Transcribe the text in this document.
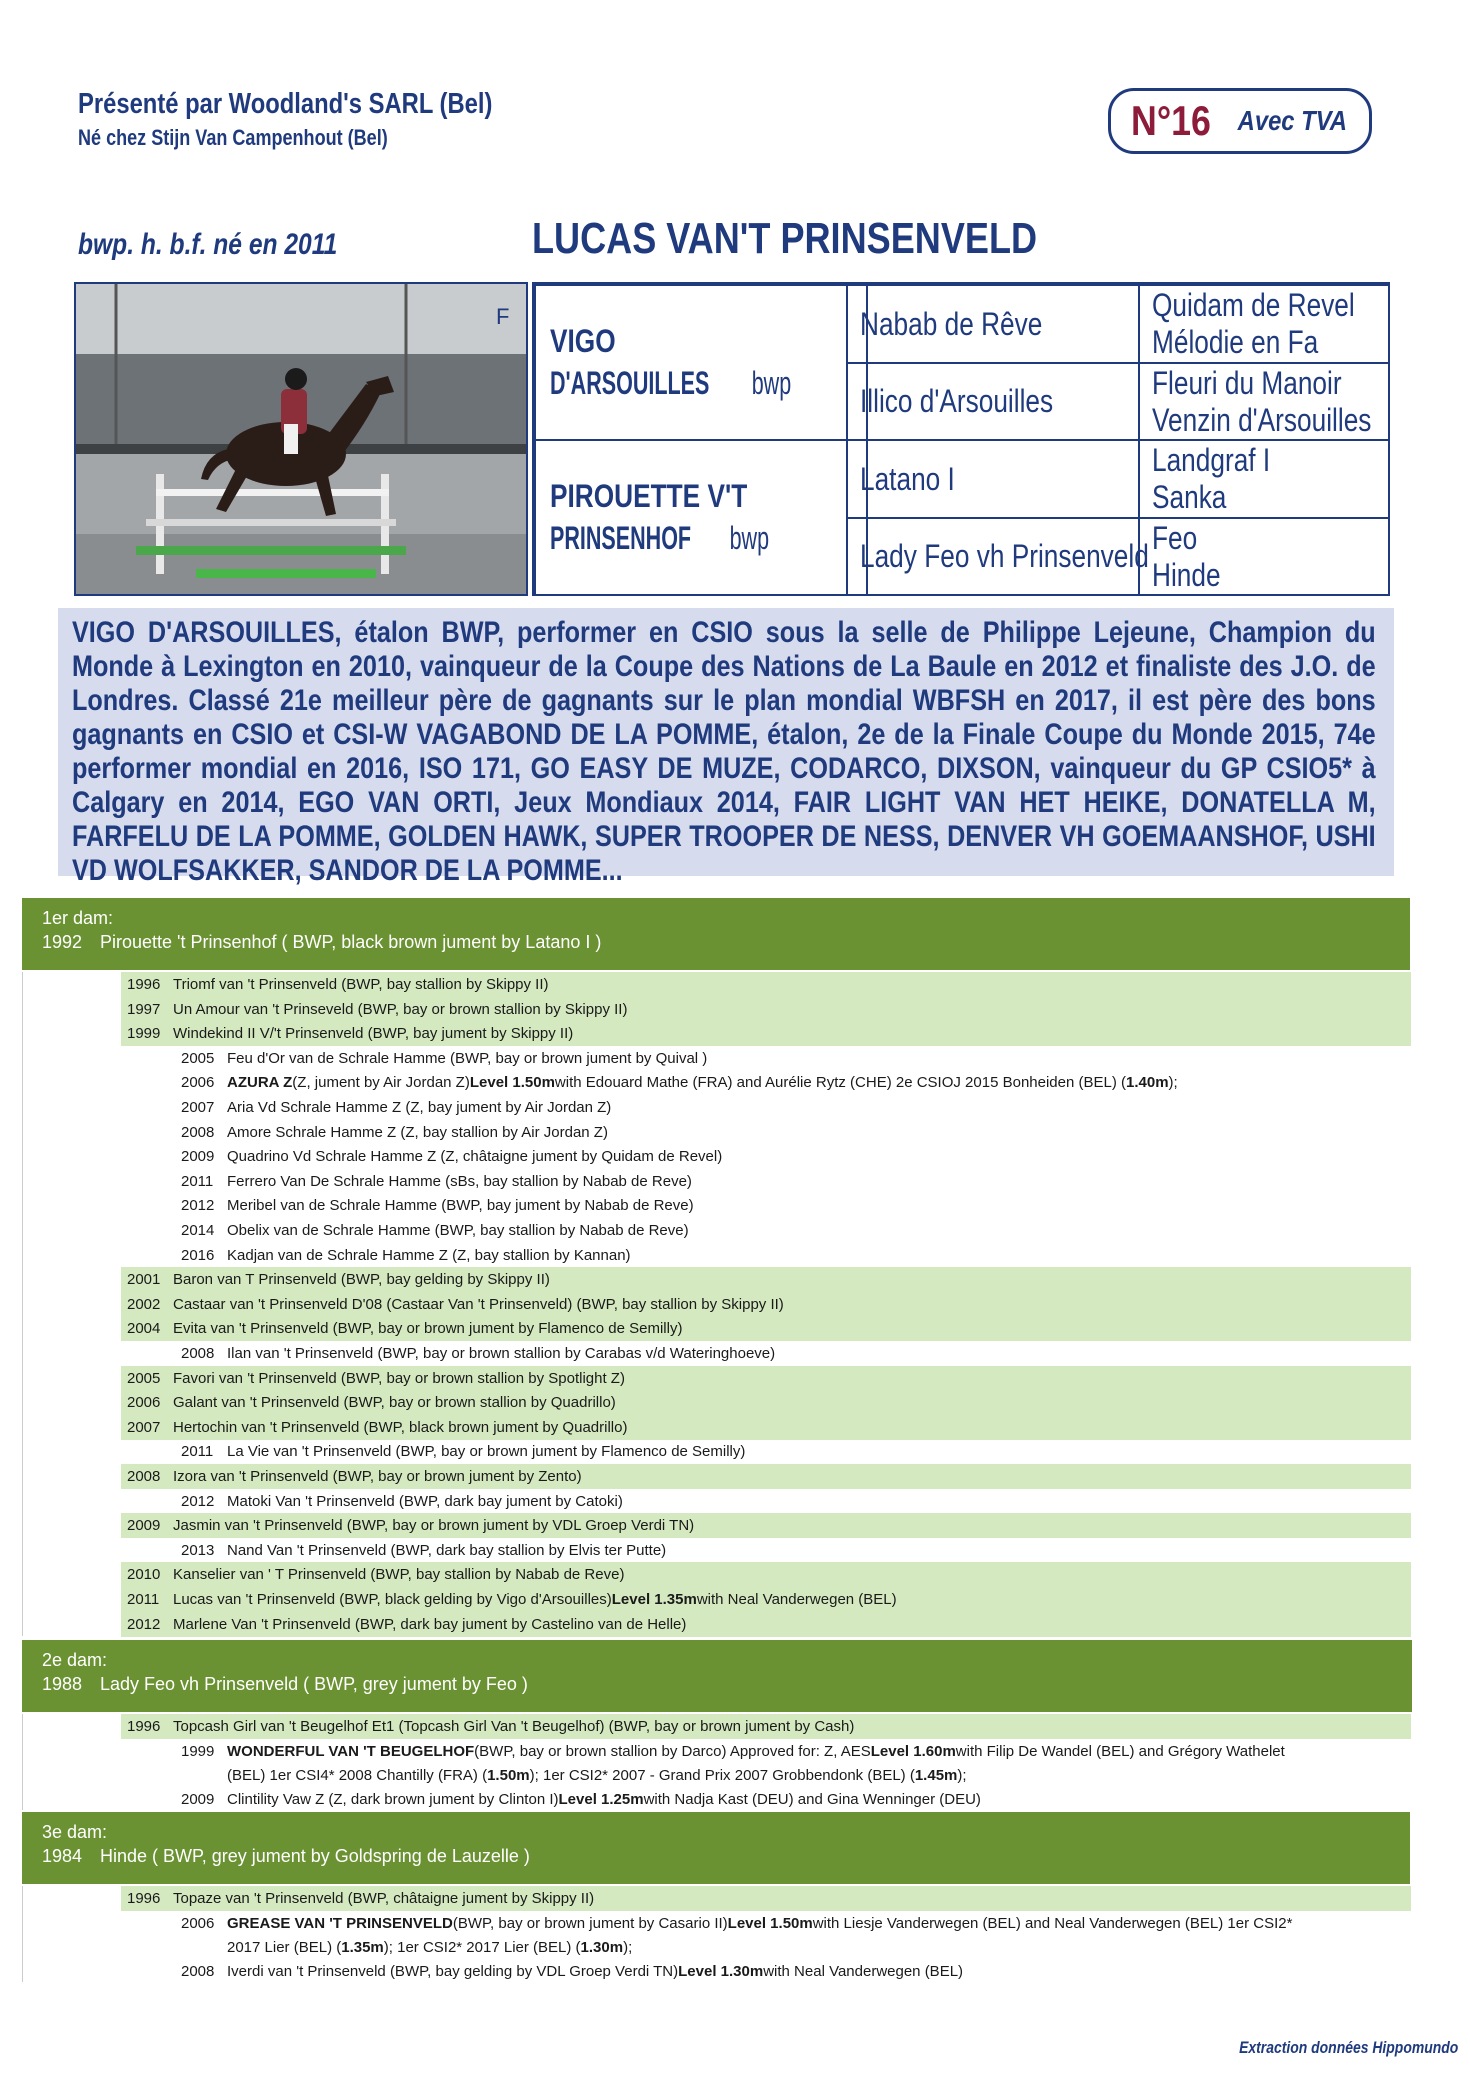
Présenté par Woodland's SARL (Bel)
Né chez Stijn Van Campenhout (Bel)	N°16 Avec TVA
bwp. h. b.f. né en 2011	LUCAS VAN'T PRINSENVELD
F
VIGO
D'ARSOUILLES bwp
PIROUETTE V'T
PRINSENHOF bwp
Nabab de Rêve
Illico d'Arsouilles
Latano I
Lady Feo vh Prinsenveld
Quidam de Revel
Mélodie en Fa
Fleuri du Manoir
Venzin d'Arsouilles
Landgraf I
Sanka
Feo
Hinde

VIGO D'ARSOUILLES, étalon BWP, performer en CSIO sous la selle de Philippe Lejeune, Champion du Monde à Lexington en 2010, vainqueur de la Coupe des Nations de La Baule en 2012 et finaliste des J.O. de Londres. Classé 21e meilleur père de gagnants sur le plan mondial WBFSH en 2017, il est père des bons gagnants en CSIO et CSI-W VAGABOND DE LA POMME, étalon, 2e de la Finale Coupe du Monde 2015, 74e performer mondial en 2016, ISO 171, GO EASY DE MUZE, CODARCO, DIXSON, vainqueur du GP CSIO5* à Calgary en 2014, EGO VAN ORTI, Jeux Mondiaux 2014, FAIR LIGHT VAN HET HEIKE, DONATELLA M, FARFELU DE LA POMME, GOLDEN HAWK, SUPER TROOPER DE NESS, DENVER VH GOEMAANSHOF, USHI VD WOLFSAKKER, SANDOR DE LA POMME...

1er dam:
1992 Pirouette 't Prinsenhof ( BWP, black brown jument by Latano I )
1996 Triomf van 't Prinsenveld (BWP, bay stallion by Skippy II)
1997 Un Amour van 't Prinseveld (BWP, bay or brown stallion by Skippy II)
1999 Windekind II V/'t Prinsenveld (BWP, bay jument by Skippy II)
2005 Feu d'Or van de Schrale Hamme (BWP, bay or brown jument by Quival )
2006 AZURA Z (Z, jument by Air Jordan Z) Level 1.50m with Edouard Mathe (FRA) and Aurélie Rytz (CHE) 2e CSIOJ 2015 Bonheiden (BEL) ( 1.40m );
2007 Aria Vd Schrale Hamme Z (Z, bay jument by Air Jordan Z)
2008 Amore Schrale Hamme Z (Z, bay stallion by Air Jordan Z)
2009 Quadrino Vd Schrale Hamme Z (Z, châtaigne jument by Quidam de Revel)
2011 Ferrero Van De Schrale Hamme (sBs, bay stallion by Nabab de Reve)
2012 Meribel van de Schrale Hamme (BWP, bay jument by Nabab de Reve)
2014 Obelix van de Schrale Hamme (BWP, bay stallion by Nabab de Reve)
2016 Kadjan van de Schrale Hamme Z (Z, bay stallion by Kannan)
2001 Baron van T Prinsenveld (BWP, bay gelding by Skippy II)
2002 Castaar van 't Prinsenveld D'08 (Castaar Van 't Prinsenveld) (BWP, bay stallion by Skippy II)
2004 Evita van 't Prinsenveld (BWP, bay or brown jument by Flamenco de Semilly)
2008 Ilan van 't Prinsenveld (BWP, bay or brown stallion by Carabas v/d Wateringhoeve)
2005 Favori van 't Prinsenveld (BWP, bay or brown stallion by Spotlight Z)
2006 Galant van 't Prinsenveld (BWP, bay or brown stallion by Quadrillo)
2007 Hertochin van 't Prinsenveld (BWP, black brown jument by Quadrillo)
2011 La Vie van 't Prinsenveld (BWP, bay or brown jument by Flamenco de Semilly)
2008 Izora van 't Prinsenveld (BWP, bay or brown jument by Zento)
2012 Matoki Van 't Prinsenveld (BWP, dark bay jument by Catoki)
2009 Jasmin van 't Prinsenveld (BWP, bay or brown jument by VDL Groep Verdi TN)
2013 Nand Van 't Prinsenveld (BWP, dark bay stallion by Elvis ter Putte)
2010 Kanselier van ' T Prinsenveld (BWP, bay stallion by Nabab de Reve)
2011 Lucas van 't Prinsenveld (BWP, black gelding by Vigo d'Arsouilles) Level 1.35m with Neal Vanderwegen (BEL)
2012 Marlene Van 't Prinsenveld (BWP, dark bay jument by Castelino van de Helle)
2e dam:
1988 Lady Feo vh Prinsenveld ( BWP, grey jument by Feo )
1996 Topcash Girl van 't Beugelhof Et1 (Topcash Girl Van 't Beugelhof) (BWP, bay or brown jument by Cash)
1999 WONDERFUL VAN 'T BEUGELHOF (BWP, bay or brown stallion by Darco) Approved for: Z, AES Level 1.60m with Filip De Wandel (BEL) and Grégory Wathelet
(BEL) 1er CSI4* 2008 Chantilly (FRA) ( 1.50m ); 1er CSI2* 2007 - Grand Prix 2007 Grobbendonk (BEL) ( 1.45m );
2009 Clintility Vaw Z (Z, dark brown jument by Clinton I) Level 1.25m with Nadja Kast (DEU) and Gina Wenninger (DEU)
3e dam:
1984 Hinde ( BWP, grey jument by Goldspring de Lauzelle )
1996 Topaze van 't Prinsenveld (BWP, châtaigne jument by Skippy II)
2006 GREASE VAN 'T PRINSENVELD (BWP, bay or brown jument by Casario II) Level 1.50m with Liesje Vanderwegen (BEL) and Neal Vanderwegen (BEL) 1er CSI2*
2017 Lier (BEL) ( 1.35m ); 1er CSI2* 2017 Lier (BEL) ( 1.30m );
2008 Iverdi van 't Prinsenveld (BWP, bay gelding by VDL Groep Verdi TN) Level 1.30m with Neal Vanderwegen (BEL)
Extraction données Hippomundo
